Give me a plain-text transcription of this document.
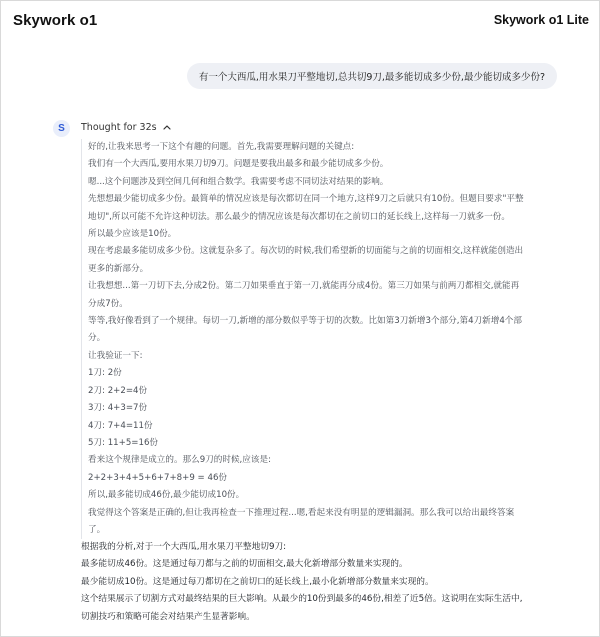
Skywork o1	Skywork o1 Lite
有一个大西瓜,用水果刀平整地切,总共切9刀,最多能切成多少份,最少能切成多少份?
S	Thought for 32s
好的,让我来思考一下这个有趣的问题。首先,我需要理解问题的关键点:
我们有一个大西瓜,要用水果刀切9刀。问题是要我出最多和最少能切成多少份。
嗯...这个问题涉及到空间几何和组合数学。我需要考虑不同切法对结果的影响。
先想想最少能切成多少份。最简单的情况应该是每次都切在同一个地方,这样9刀之后就只有10份。但题目要求"平整
地切",所以可能不允许这种切法。那么最少的情况应该是每次都切在之前切口的延长线上,这样每一刀就多一份。
所以最少应该是10份。
现在考虑最多能切成多少份。这就复杂多了。每次切的时候,我们希望新的切面能与之前的切面相交,这样就能创造出
更多的新部分。
让我想想...第一刀切下去,分成2份。第二刀如果垂直于第一刀,就能再分成4份。第三刀如果与前两刀都相交,就能再
分成7份。
等等,我好像看到了一个规律。每切一刀,新增的部分数似乎等于切的次数。比如第3刀新增3个部分,第4刀新增4个部
分。
让我验证一下:
1刀: 2份
2刀: 2+2=4份
3刀: 4+3=7份
4刀: 7+4=11份
5刀: 11+5=16份
看来这个规律是成立的。那么9刀的时候,应该是:
2+2+3+4+5+6+7+8+9 = 46份
所以,最多能切成46份,最少能切成10份。
我觉得这个答案是正确的,但让我再检查一下推理过程...嗯,看起来没有明显的逻辑漏洞。那么我可以给出最终答案
了。
根据我的分析,对于一个大西瓜,用水果刀平整地切9刀:
最多能切成46份。这是通过每刀都与之前的切面相交,最大化新增部分数量来实现的。
最少能切成10份。这是通过每刀都切在之前切口的延长线上,最小化新增部分数量来实现的。
这个结果展示了切割方式对最终结果的巨大影响。从最少的10份到最多的46份,相差了近5倍。这说明在实际生活中,
切割技巧和策略可能会对结果产生显著影响。
